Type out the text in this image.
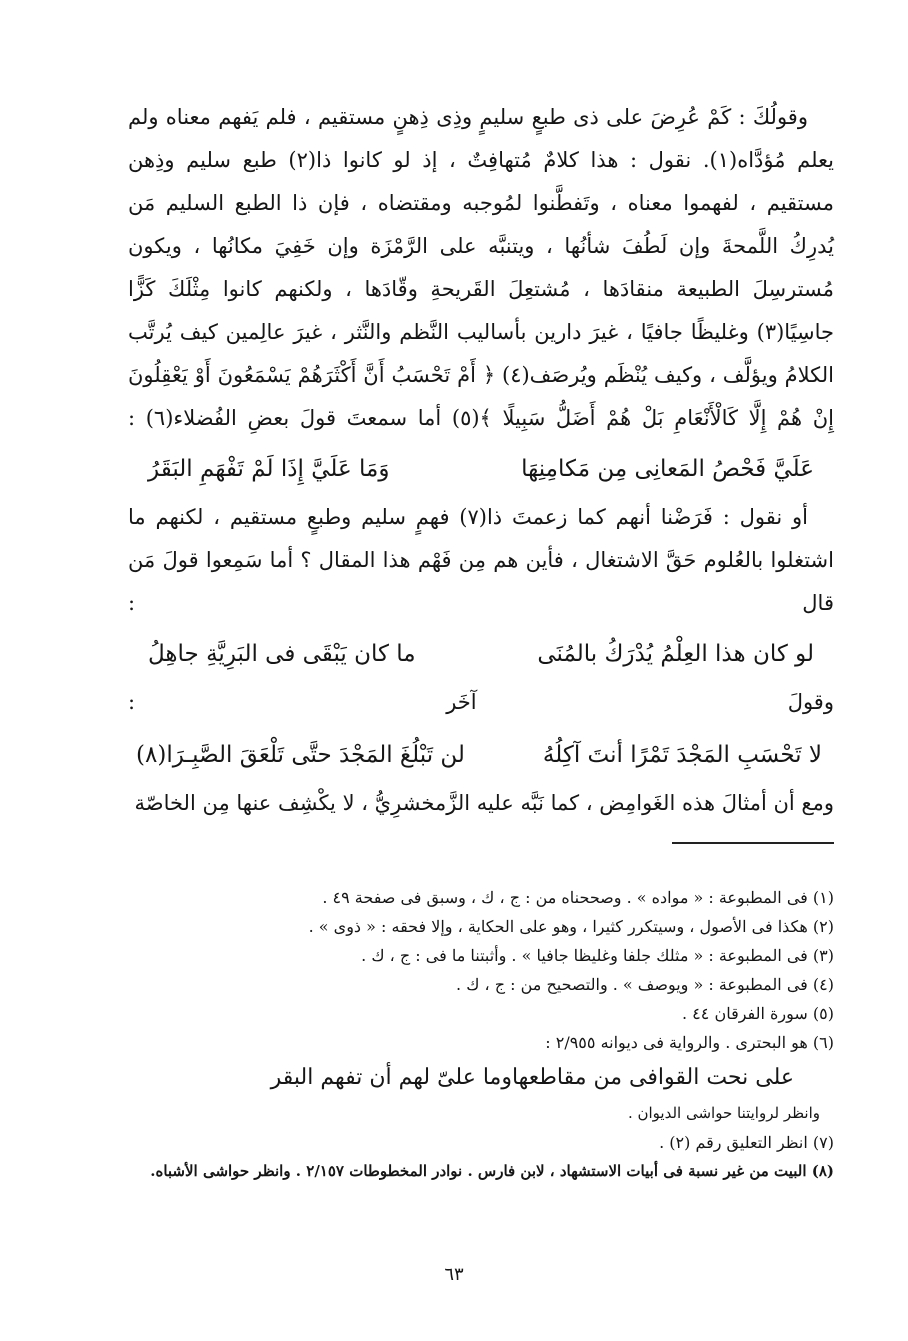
وقولُكَ : كَمْ عُرِضَ على ذى طبعٍ سليمٍ وذِى ذِهنٍ مستقيم ، فلم يَفهم معناه ولم يعلم مُؤدَّاه(١). نقول : هذا كلامٌ مُتهافِتٌ ، إذ لو كانوا ذا(٢) طبع سليم وذِهن مستقيم ، لفهموا معناه ، وتَفطَّنوا لمُوجبه ومقتضاه ، فإن ذا الطبع السليم مَن يُدرِكُ اللَّمحةَ وإن لَطُفَ شأنُها ، ويتنبَّه على الرَّمْزَة وإن خَفِيَ مكانُها ، ويكون مُسترسِلَ الطبيعة منقادَها ، مُشتعِلَ القَريحةِ وقّادَها ، ولكنهم كانوا مِثْلَكَ كَزًّا جاسِيًا(٣) وغليظًا جافيًا ، غيرَ دارين بأساليب النَّظم والنَّثر ، غيرَ عالِمين كيف يُرتَّب الكلامُ ويؤلَّف ، وكيف يُنْظَم ويُرصَف(٤) ﴿ أَمْ تَحْسَبُ أَنَّ أَكْثَرَهُمْ يَسْمَعُونَ أَوْ يَعْقِلُونَ إِنْ هُمْ إِلَّا كَالْأَنْعَامِ بَلْ هُمْ أَضَلُّ سَبِيلًا ﴾(٥) أما سمعتَ قولَ بعضِ الفُضلاء(٦) :

عَلَيَّ فَحْصُ المَعانِى مِن مَكامِنِهَا
وَمَا عَلَيَّ إِذَا لَمْ تَفْهَمِ البَقَرُ

أو نقول : فَرَضْنا أنهم كما زعمتَ ذا(٧) فهمٍ سليم وطبعٍ مستقيم ، لكنهم ما اشتغلوا بالعُلوم حَقَّ الاشتغال ، فأين هم مِن فَهْم هذا المقال ؟ أما سَمِعوا قولَ مَن قال :

لو كان هذا العِلْمُ يُدْرَكُ بالمُنَى
ما كان يَبْقَى فى البَرِيَّةِ جاهِلُ

وقولَ آخَر :

لا تَحْسَبِ المَجْدَ تَمْرًا أنتَ آكِلُهُ
لن تَبْلُغَ المَجْدَ حتَّى تَلْعَقَ الصَّبِـرَا(٨)

ومع أن أمثالَ هذه الغَوامِض ، كما نَبَّه عليه الزَّمخشرِيُّ ، لا يكْشِف عنها مِن الخاصّة

(١) فى المطبوعة : « مواده » . وصححناه من : ج ، ك ، وسبق فى صفحة ٤٩ .

(٢) هكذا فى الأصول ، وسيتكرر كثيرا ، وهو على الحكاية ، وإلا فحقه : « ذوى » .

(٣) فى المطبوعة : « مثلك جلفا وغليظا جافيا » . وأثبتنا ما فى : ج ، ك .

(٤) فى المطبوعة : « ويوصف » . والتصحيح من : ج ، ك .

(٥) سورة الفرقان ٤٤ .

(٦) هو البحترى . والرواية فى ديوانه ٢/٩٥٥ :

على نحت القوافى من مقاطعها
وما علىّ لهم أن تفهم البقر

وانظر لروايتنا حواشى الديوان .

(٧) انظر التعليق رقم (٢) .

(٨) البيت من غير نسبة فى أبيات الاستشهاد ، لابن فارس . نوادر المخطوطات ٢/١٥٧ . وانظر حواشى الأشباه.

٦٣
